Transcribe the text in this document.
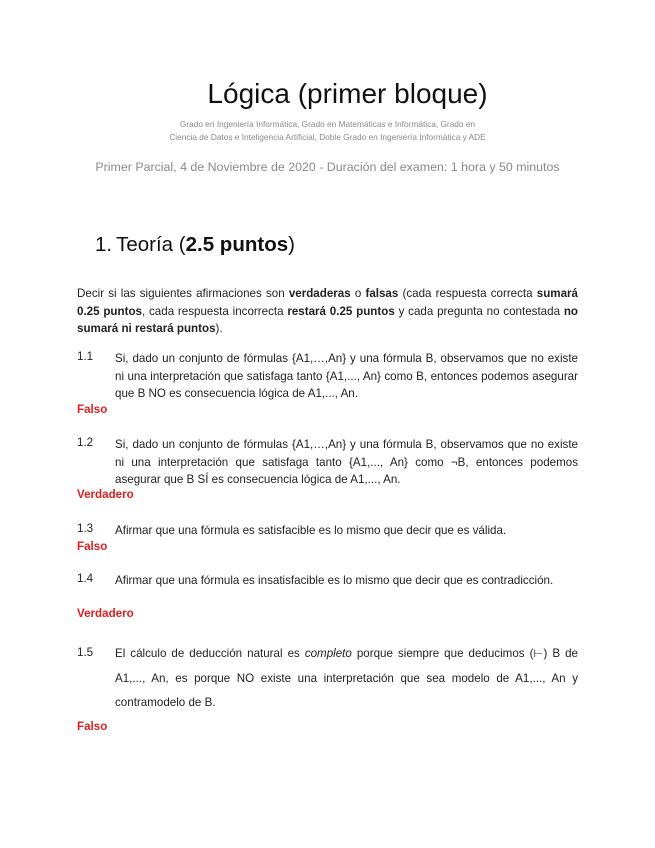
Lógica (primer bloque)
Grado en Ingeniería Informática, Grado en Matemáticas e Informática, Grado en
Ciencia de Datos e Inteligencia Artificial, Doble Grado en Ingeniería Informática y ADE
Primer Parcial, 4 de Noviembre de 2020 - Duración del examen: 1 hora y 50 minutos
1. Teoría (2.5 puntos)
Decir si las siguientes afirmaciones son verdaderas o falsas (cada respuesta correcta sumará 0.25 puntos, cada respuesta incorrecta restará 0.25 puntos y cada pregunta no contestada no sumará ni restará puntos).
1.1 Si, dado un conjunto de fórmulas {A1,…,An} y una fórmula B, observamos que no existe ni una interpretación que satisfaga tanto {A1,..., An} como B, entonces podemos asegurar que B NO es consecuencia lógica de A1,..., An.
Falso
1.2 Si, dado un conjunto de fórmulas {A1,…,An} y una fórmula B, observamos que no existe ni una interpretación que satisfaga tanto {A1,..., An} como ¬B, entonces podemos asegurar que B SÍ es consecuencia lógica de A1,..., An.
Verdadero
1.3 Afirmar que una fórmula es satisfacible es lo mismo que decir que es válida.
Falso
1.4 Afirmar que una fórmula es insatisfacible es lo mismo que decir que es contradicción.
Verdadero
1.5 El cálculo de deducción natural es completo porque siempre que deducimos (⊢) B de A1,..., An, es porque NO existe una interpretación que sea modelo de A1,..., An y contramodelo de B.
Falso
